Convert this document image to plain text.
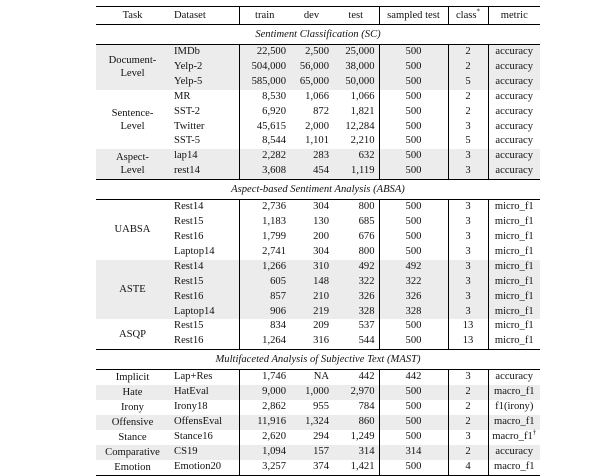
Task	Dataset	train	dev	test	sampled test	class*	metric
Sentiment Classification (SC)							
Document-
Level	IMDb	22,500	2,500	25,000	500	2	accuracy
	Yelp-2	504,000	56,000	38,000	500	2	accuracy
	Yelp-5	585,000	65,000	50,000	500	5	accuracy
Sentence-
Level	MR	8,530	1,066	1,066	500	2	accuracy
	SST-2	6,920	872	1,821	500	2	accuracy
	Twitter	45,615	2,000	12,284	500	3	accuracy
	SST-5	8,544	1,101	2,210	500	5	accuracy
Aspect-
Level	lap14	2,282	283	632	500	3	accuracy
	rest14	3,608	454	1,119	500	3	accuracy
Aspect-based Sentiment Analysis (ABSA)							
UABSA	Rest14	2,736	304	800	500	3	micro_f1
	Rest15	1,183	130	685	500	3	micro_f1
	Rest16	1,799	200	676	500	3	micro_f1
	Laptop14	2,741	304	800	500	3	micro_f1
ASTE	Rest14	1,266	310	492	492	3	micro_f1
	Rest15	605	148	322	322	3	micro_f1
	Rest16	857	210	326	326	3	micro_f1
	Laptop14	906	219	328	328	3	micro_f1
ASQP	Rest15	834	209	537	500	13	micro_f1
	Rest16	1,264	316	544	500	13	micro_f1
Multifaceted Analysis of Subjective Text (MAST)							
Implicit	Lap+Res	1,746	NA	442	442	3	accuracy
Hate	HatEval	9,000	1,000	2,970	500	2	macro_f1
Irony	Irony18	2,862	955	784	500	2	f1(irony)
Offensive	OffensEval	11,916	1,324	860	500	2	macro_f1
Stance	Stance16	2,620	294	1,249	500	3	macro_f1†
Comparative	CS19	1,094	157	314	314	2	accuracy
Emotion	Emotion20	3,257	374	1,421	500	4	macro_f1
